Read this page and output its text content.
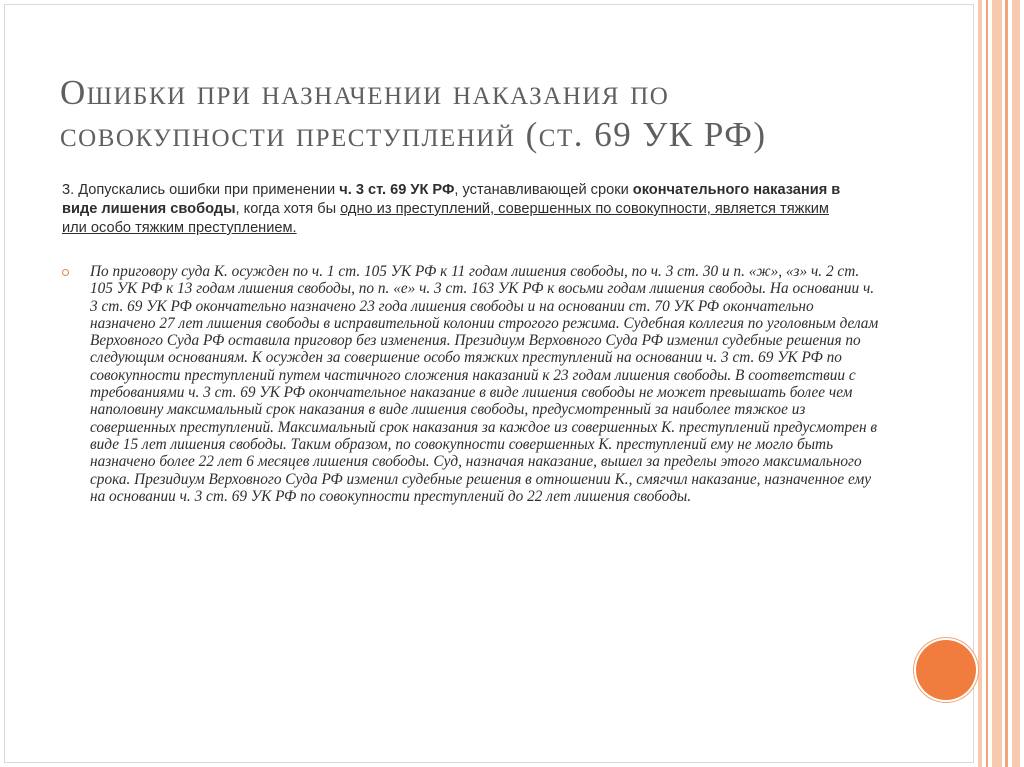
Ошибки при назначении наказания по
совокупности преступлений (ст. 69 УК РФ)

3. Допускались ошибки при применении ч. 3 ст. 69 УК РФ, устанавливающей сроки окончательного наказания в виде лишения свободы, когда хотя бы одно из преступлений, совершенных по совокупности, является тяжким или особо тяжким преступлением.

По приговору суда К. осужден по ч. 1 ст. 105 УК РФ к 11 годам лишения свободы, по ч. 3 ст. 30 и п. «ж», «з» ч. 2 ст. 105 УК РФ к 13 годам лишения свободы, по п. «е» ч. 3 ст. 163 УК РФ к восьми годам лишения свободы. На основании ч. 3 ст. 69 УК РФ окончательно назначено 23 года лишения свободы и на основании ст. 70 УК РФ окончательно назначено 27 лет лишения свободы в исправительной колонии строгого режима. Судебная коллегия по уголовным делам Верховного Суда РФ оставила приговор без изменения. Президиум Верховного Суда РФ изменил судебные решения по следующим основаниям. К осужден за совершение особо тяжких преступлений на основании ч. 3 ст. 69 УК РФ по совокупности преступлений путем частичного сложения наказаний к 23 годам лишения свободы. В соответствии с требованиями ч. 3 ст. 69 УК РФ окончательное наказание в виде лишения свободы не может превышать более чем наполовину максимальный срок наказания в виде лишения свободы, предусмотренный за наиболее тяжкое из совершенных преступлений. Максимальный срок наказания за каждое из совершенных К. преступлений предусмотрен в виде 15 лет лишения свободы. Таким образом, по совокупности совершенных К. преступлений ему не могло быть назначено более 22 лет 6 месяцев лишения свободы. Суд, назначая наказание, вышел за пределы этого максимального срока. Президиум Верховного Суда РФ изменил судебные решения в отношении К., смягчил наказание, назначенное ему на основании ч. 3 ст. 69 УК РФ по совокупности преступлений до 22 лет лишения свободы.
